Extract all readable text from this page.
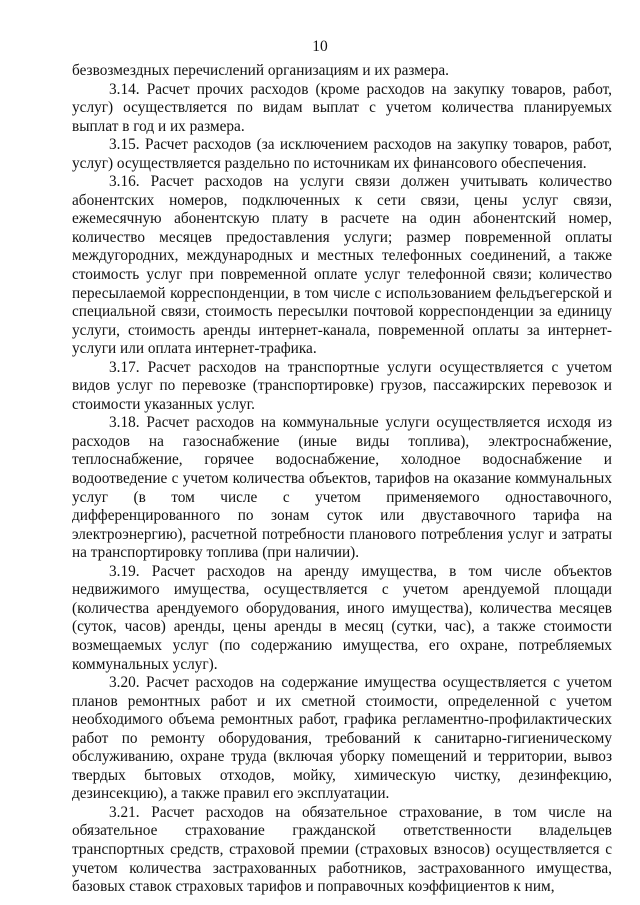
10

безвозмездных перечислений организациям и их размера.

3.14. Расчет прочих расходов (кроме расходов на закупку товаров, работ, услуг) осуществляется по видам выплат с учетом количества планируемых выплат в год и их размера.

3.15. Расчет расходов (за исключением расходов на закупку товаров, работ, услуг) осуществляется раздельно по источникам их финансового обеспечения.

3.16. Расчет расходов на услуги связи должен учитывать количество абонентских номеров, подключенных к сети связи, цены услуг связи, ежемесячную абонентскую плату в расчете на один абонентский номер, количество месяцев предоставления услуги; размер повременной оплаты междугородних, международных и местных телефонных соединений, а также стоимость услуг при повременной оплате услуг телефонной связи; количество пересылаемой корреспонденции, в том числе с использованием фельдъегерской и специальной связи, стоимость пересылки почтовой корреспонденции за единицу услуги, стоимость аренды интернет-канала, повременной оплаты за интернет-услуги или оплата интернет-трафика.

3.17. Расчет расходов на транспортные услуги осуществляется с учетом видов услуг по перевозке (транспортировке) грузов, пассажирских перевозок и стоимости указанных услуг.

3.18. Расчет расходов на коммунальные услуги осуществляется исходя из расходов на газоснабжение (иные виды топлива), электроснабжение, теплоснабжение, горячее водоснабжение, холодное водоснабжение и водоотведение с учетом количества объектов, тарифов на оказание коммунальных услуг (в том числе с учетом применяемого одноставочного, дифференцированного по зонам суток или двуставочного тарифа на электроэнергию), расчетной потребности планового потребления услуг и затраты на транспортировку топлива (при наличии).

3.19. Расчет расходов на аренду имущества, в том числе объектов недвижимого имущества, осуществляется с учетом арендуемой площади (количества арендуемого оборудования, иного имущества), количества месяцев (суток, часов) аренды, цены аренды в месяц (сутки, час), а также стоимости возмещаемых услуг (по содержанию имущества, его охране, потребляемых коммунальных услуг).

3.20. Расчет расходов на содержание имущества осуществляется с учетом планов ремонтных работ и их сметной стоимости, определенной с учетом необходимого объема ремонтных работ, графика регламентно-профилактических работ по ремонту оборудования, требований к санитарно-гигиеническому обслуживанию, охране труда (включая уборку помещений и территории, вывоз твердых бытовых отходов, мойку, химическую чистку, дезинфекцию, дезинсекцию), а также правил его эксплуатации.

3.21. Расчет расходов на обязательное страхование, в том числе на обязательное страхование гражданской ответственности владельцев транспортных средств, страховой премии (страховых взносов) осуществляется с учетом количества застрахованных работников, застрахованного имущества, базовых ставок страховых тарифов и поправочных коэффициентов к ним,
